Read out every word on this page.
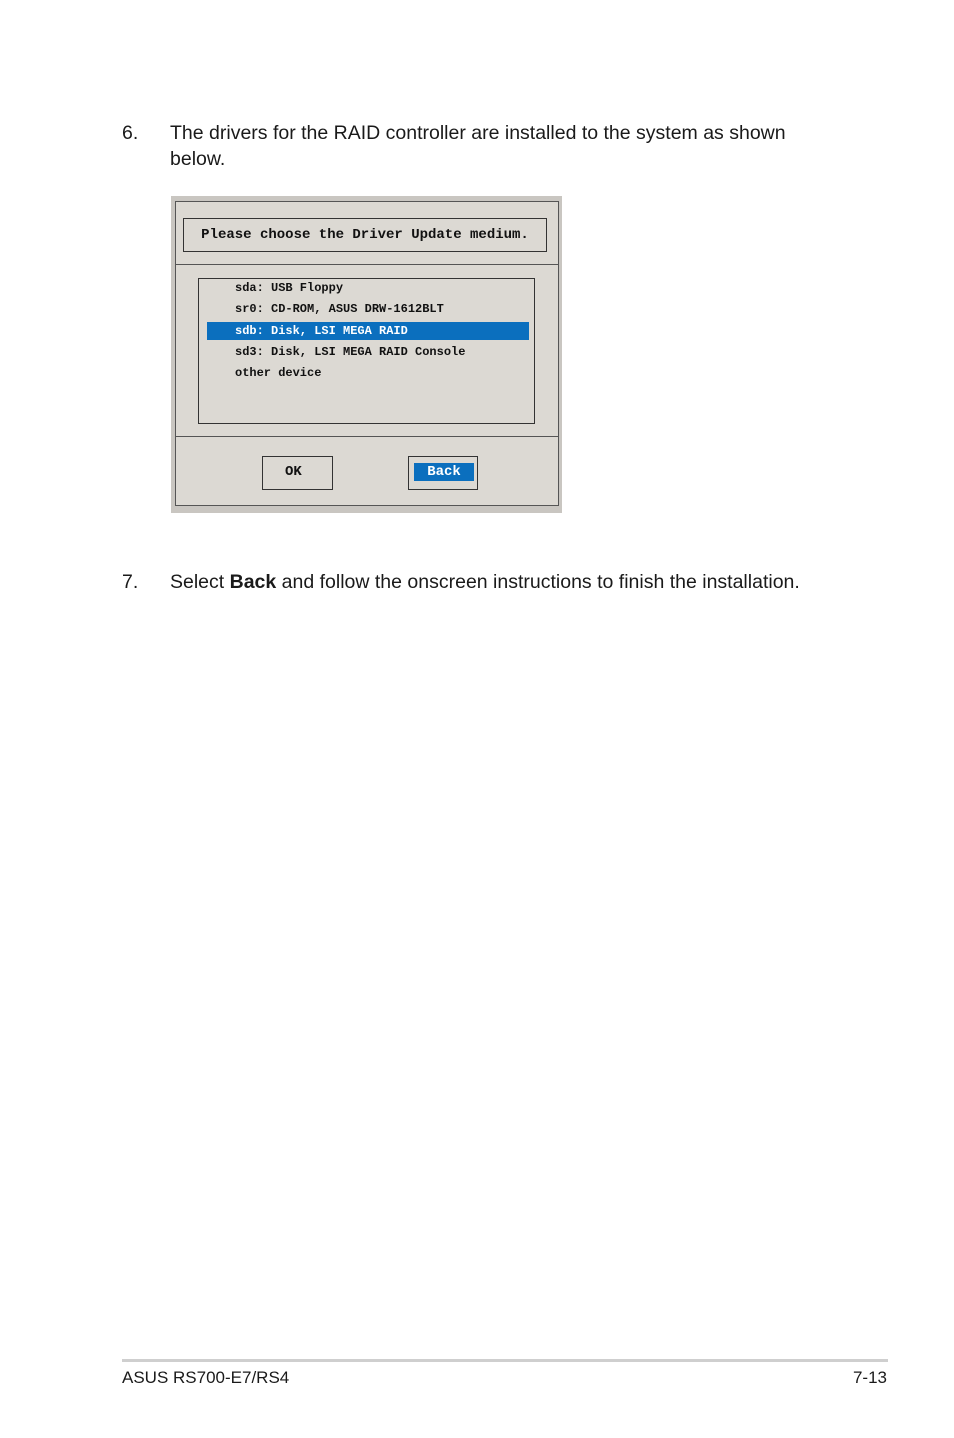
6. The drivers for the RAID controller are installed to the system as shown below.
Please choose the Driver Update medium.
sda: USB Floppy
sr0: CD-ROM, ASUS DRW-1612BLT
sdb: Disk, LSI MEGA RAID
sd3: Disk, LSI MEGA RAID Console
other device
OK	Back
7. Select Back and follow the onscreen instructions to finish the installation.
ASUS RS700-E7/RS4	7-13
